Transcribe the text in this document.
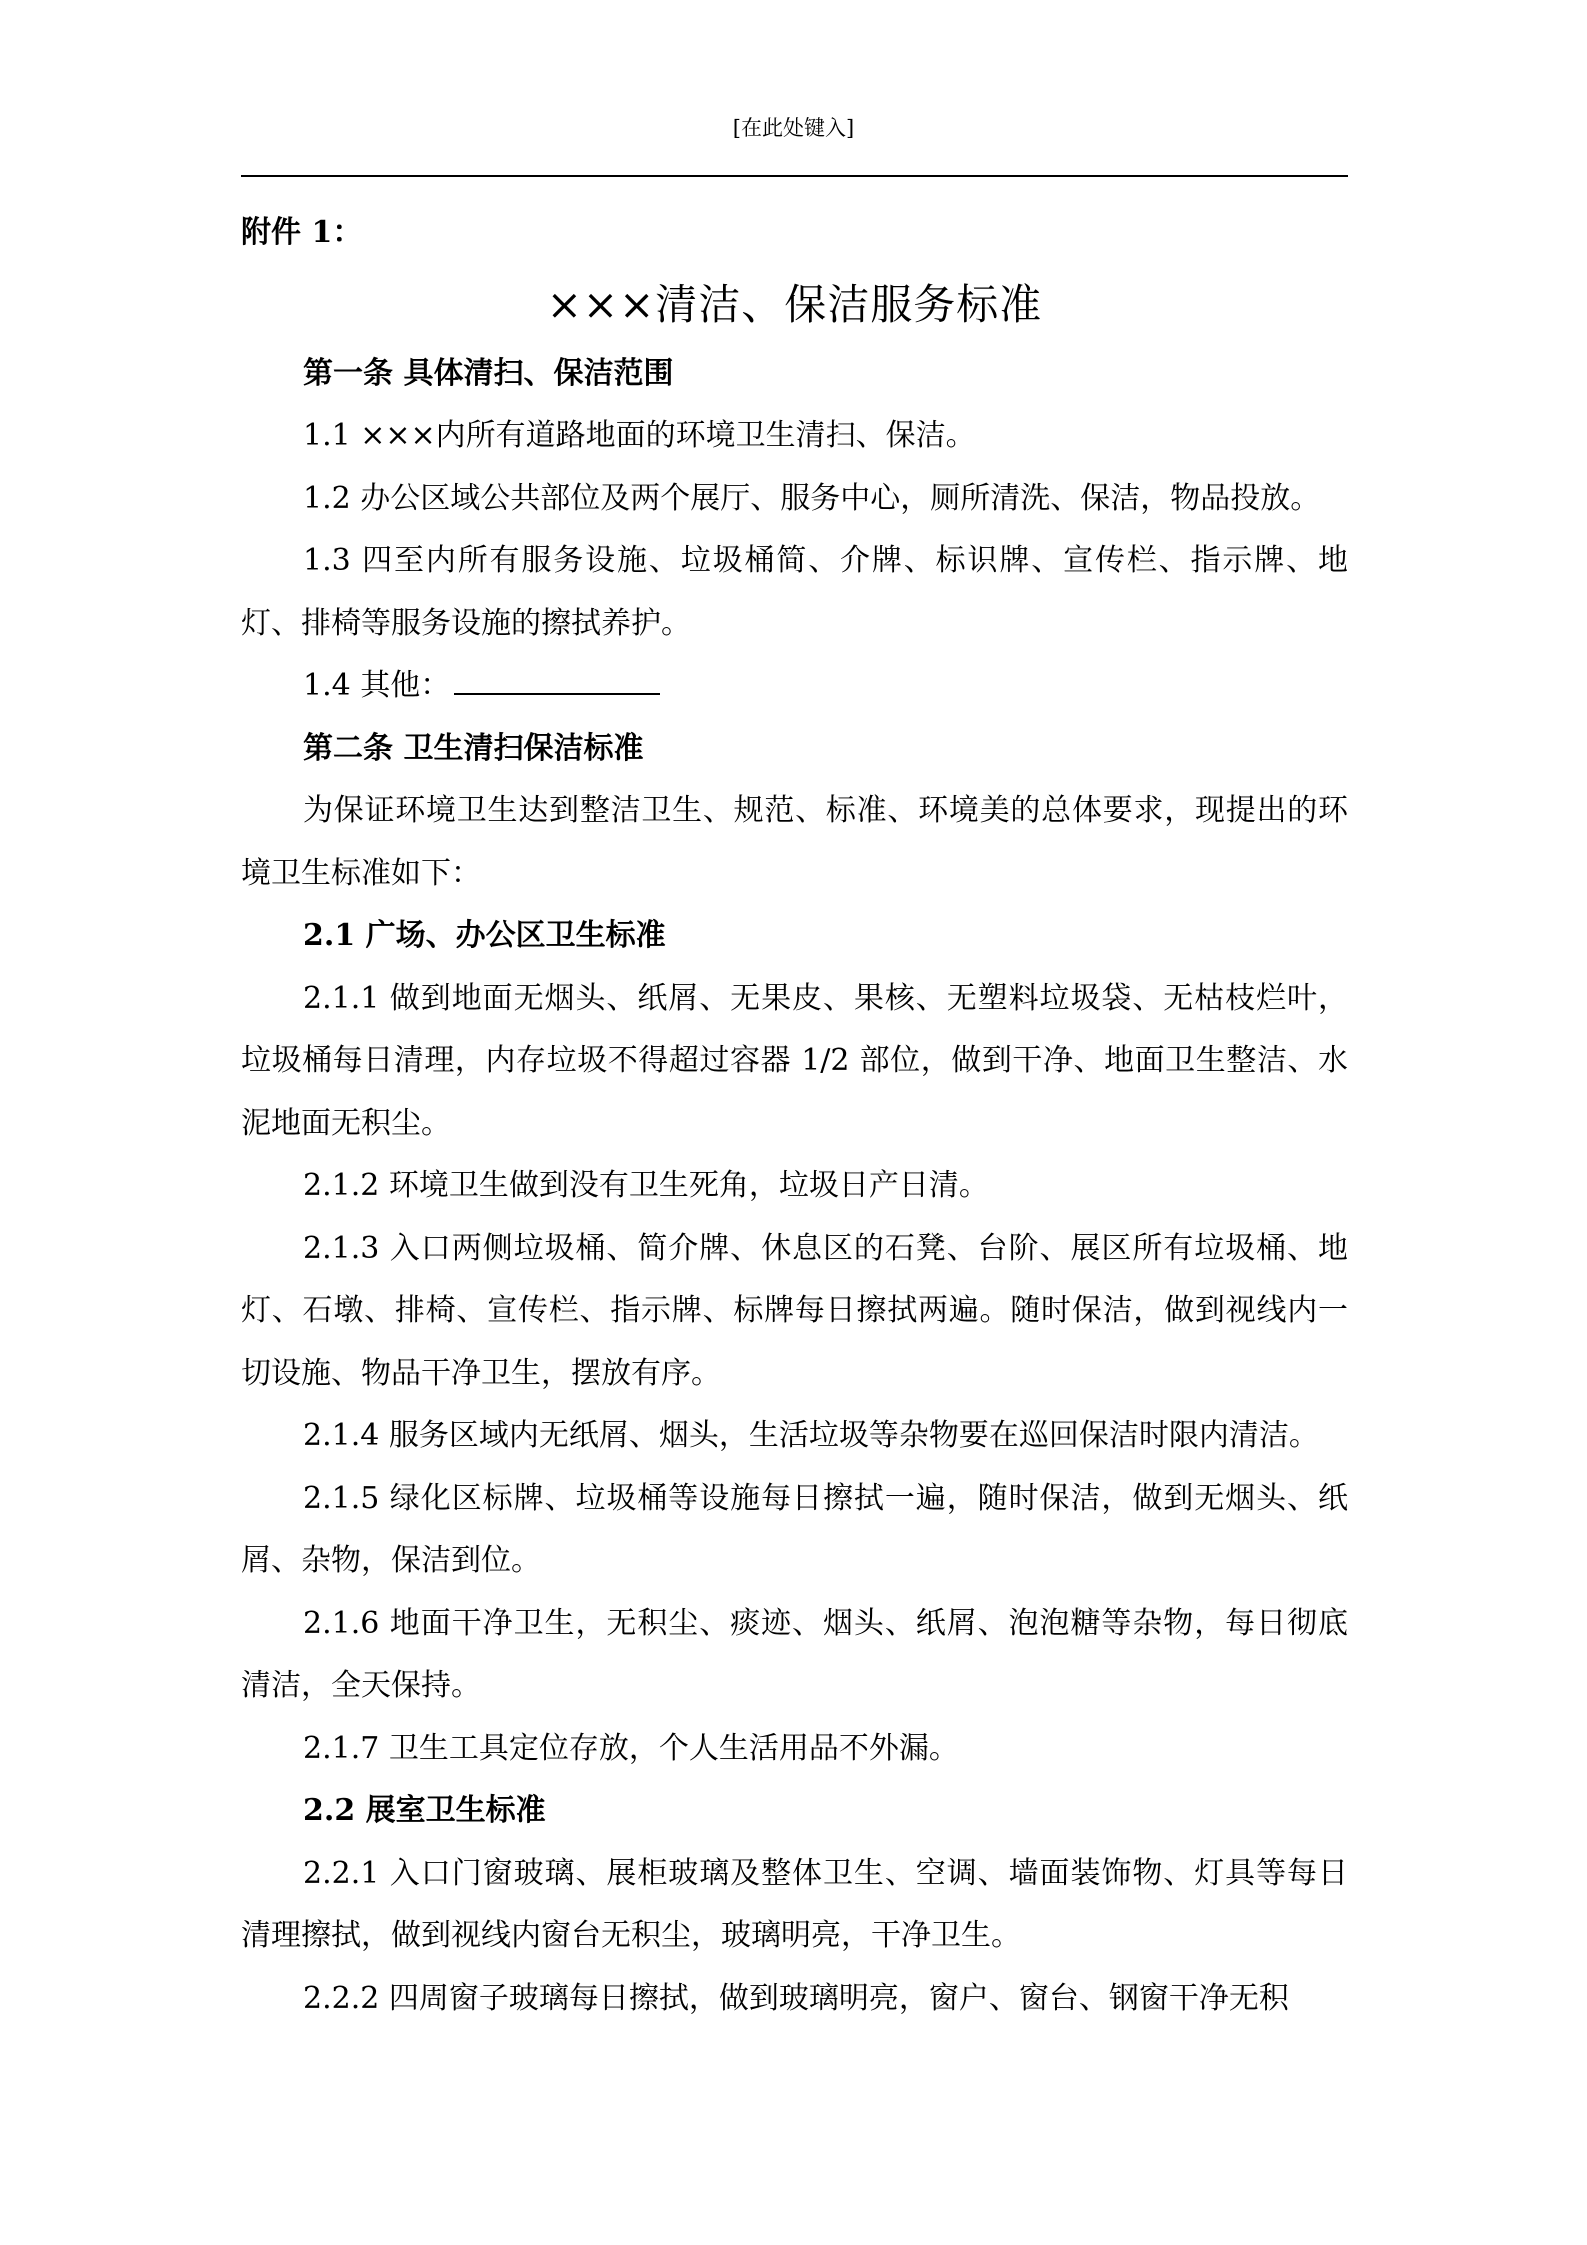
[在此处键入]

附件 1：

×××清洁、保洁服务标准

第一条 具体清扫、保洁范围

1.1 ×××内所有道路地面的环境卫生清扫、保洁。

1.2 办公区域公共部位及两个展厅、服务中心，厕所清洗、保洁，物品投放。

1.3 四至内所有服务设施、垃圾桶简、介牌、标识牌、宣传栏、指示牌、地灯、排椅等服务设施的擦拭养护。

1.4 其他：

第二条 卫生清扫保洁标准

为保证环境卫生达到整洁卫生、规范、标准、环境美的总体要求，现提出的环境卫生标准如下：

2.1 广场、办公区卫生标准

2.1.1 做到地面无烟头、纸屑、无果皮、果核、无塑料垃圾袋、无枯枝烂叶，垃圾桶每日清理，内存垃圾不得超过容器 1/2 部位，做到干净、地面卫生整洁、水泥地面无积尘。

2.1.2 环境卫生做到没有卫生死角，垃圾日产日清。

2.1.3 入口两侧垃圾桶、简介牌、休息区的石凳、台阶、展区所有垃圾桶、地灯、石墩、排椅、宣传栏、指示牌、标牌每日擦拭两遍。随时保洁，做到视线内一切设施、物品干净卫生，摆放有序。

2.1.4 服务区域内无纸屑、烟头，生活垃圾等杂物要在巡回保洁时限内清洁。

2.1.5 绿化区标牌、垃圾桶等设施每日擦拭一遍，随时保洁，做到无烟头、纸屑、杂物，保洁到位。

2.1.6 地面干净卫生，无积尘、痰迹、烟头、纸屑、泡泡糖等杂物，每日彻底清洁，全天保持。

2.1.7 卫生工具定位存放，个人生活用品不外漏。

2.2 展室卫生标准

2.2.1 入口门窗玻璃、展柜玻璃及整体卫生、空调、墙面装饰物、灯具等每日清理擦拭，做到视线内窗台无积尘，玻璃明亮，干净卫生。

2.2.2 四周窗子玻璃每日擦拭，做到玻璃明亮，窗户、窗台、钢窗干净无积
